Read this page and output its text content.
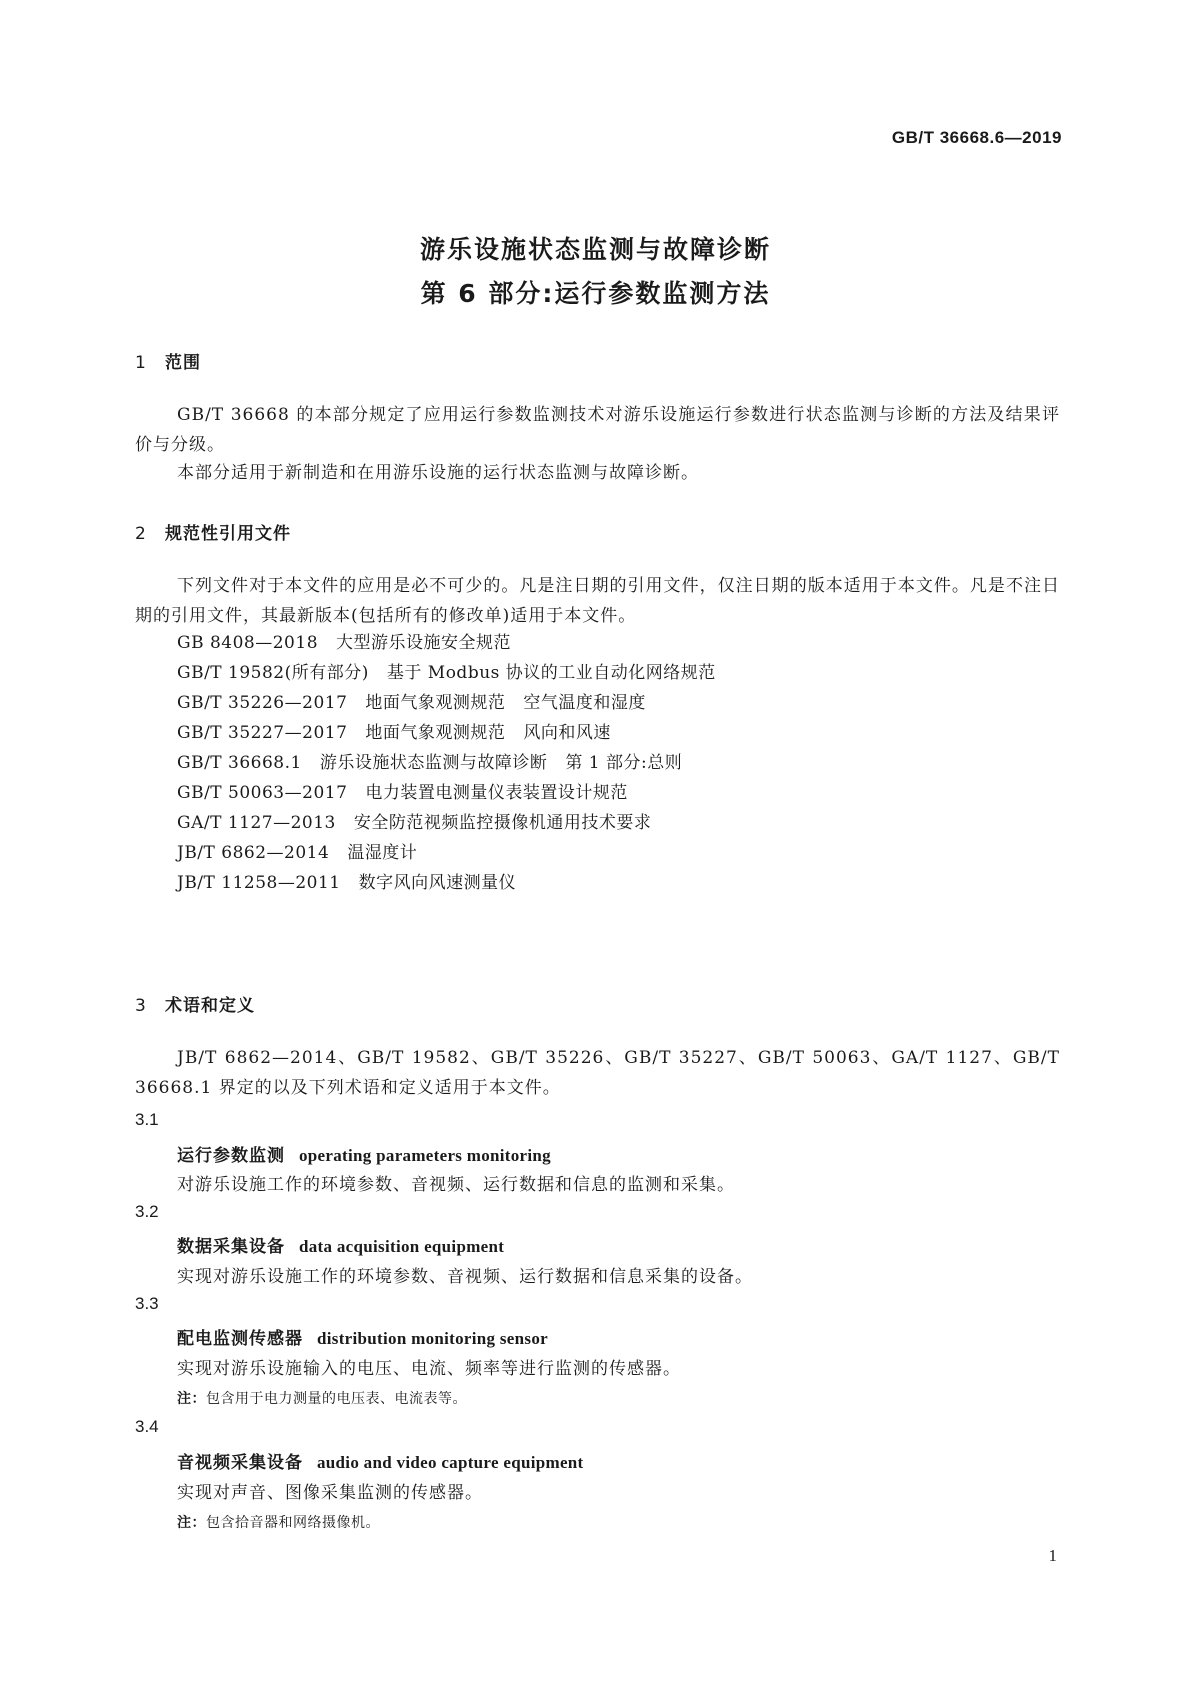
GB/T 36668.6—2019
游乐设施状态监测与故障诊断
第 6 部分:运行参数监测方法
1 范围

GB/T 36668 的本部分规定了应用运行参数监测技术对游乐设施运行参数进行状态监测与诊断的方法及结果评价与分级。

本部分适用于新制造和在用游乐设施的运行状态监测与故障诊断。

2 规范性引用文件

下列文件对于本文件的应用是必不可少的。凡是注日期的引用文件，仅注日期的版本适用于本文件。凡是不注日期的引用文件，其最新版本(包括所有的修改单)适用于本文件。

GB 8408—2018 大型游乐设施安全规范
GB/T 19582(所有部分) 基于 Modbus 协议的工业自动化网络规范
GB/T 35226—2017 地面气象观测规范 空气温度和湿度
GB/T 35227—2017 地面气象观测规范 风向和风速
GB/T 36668.1 游乐设施状态监测与故障诊断 第 1 部分:总则
GB/T 50063—2017 电力装置电测量仪表装置设计规范
GA/T 1127—2013 安全防范视频监控摄像机通用技术要求
JB/T 6862—2014 温湿度计
JB/T 11258—2011 数字风向风速测量仪
3 术语和定义

JB/T 6862—2014、GB/T 19582、GB/T 35226、GB/T 35227、GB/T 50063、GA/T 1127、GB/T 36668.1 界定的以及下列术语和定义适用于本文件。

3.1
运行参数监测 operating parameters monitoring
对游乐设施工作的环境参数、音视频、运行数据和信息的监测和采集。
3.2
数据采集设备 data acquisition equipment
实现对游乐设施工作的环境参数、音视频、运行数据和信息采集的设备。
3.3
配电监测传感器 distribution monitoring sensor
实现对游乐设施输入的电压、电流、频率等进行监测的传感器。
注：包含用于电力测量的电压表、电流表等。
3.4
音视频采集设备 audio and video capture equipment
实现对声音、图像采集监测的传感器。
注：包含拾音器和网络摄像机。
1
